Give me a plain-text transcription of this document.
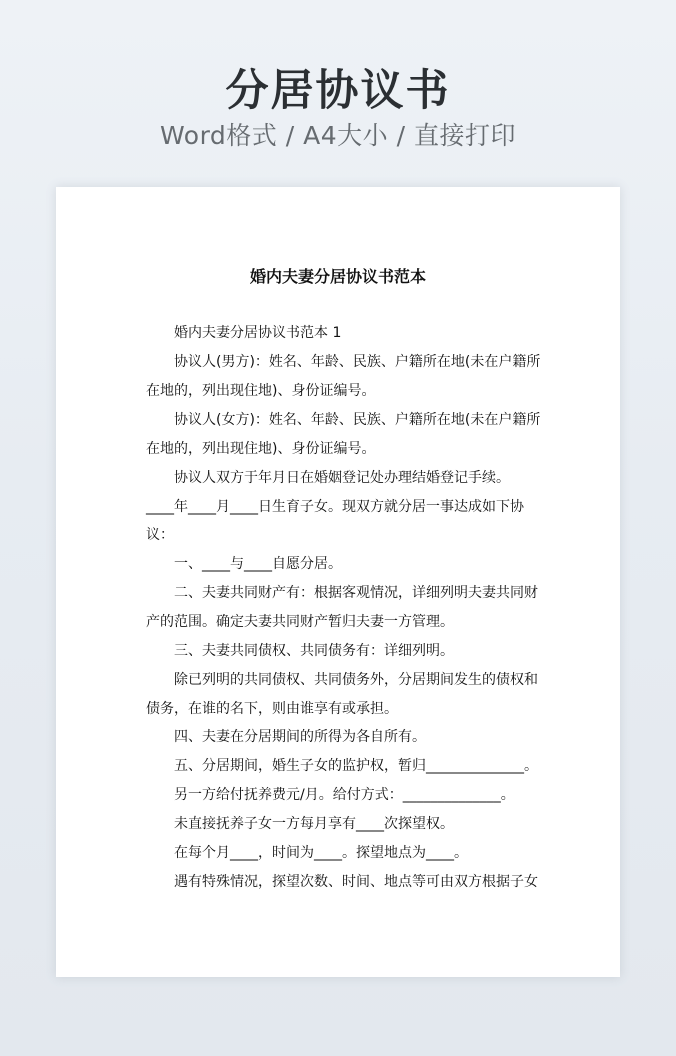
分居协议书
Word格式 / A4大小 / 直接打印
婚内夫妻分居协议书范本
婚内夫妻分居协议书范本 1
协议人(男方)：姓名、年龄、民族、户籍所在地(未在户籍所
在地的，列出现住地)、身份证编号。
协议人(女方)：姓名、年龄、民族、户籍所在地(未在户籍所
在地的，列出现住地)、身份证编号。
协议人双方于年月日在婚姻登记处办理结婚登记手续。
____年____月____日生育子女。现双方就分居一事达成如下协
议：
一、____与____自愿分居。
二、夫妻共同财产有：根据客观情况，详细列明夫妻共同财
产的范围。确定夫妻共同财产暂归夫妻一方管理。
三、夫妻共同债权、共同债务有：详细列明。
除已列明的共同债权、共同债务外，分居期间发生的债权和
债务，在谁的名下，则由谁享有或承担。
四、夫妻在分居期间的所得为各自所有。
五、分居期间，婚生子女的监护权，暂归______________。
另一方给付抚养费元/月。给付方式：______________。
未直接抚养子女一方每月享有____次探望权。
在每个月____，时间为____。探望地点为____。
遇有特殊情况，探望次数、时间、地点等可由双方根据子女
